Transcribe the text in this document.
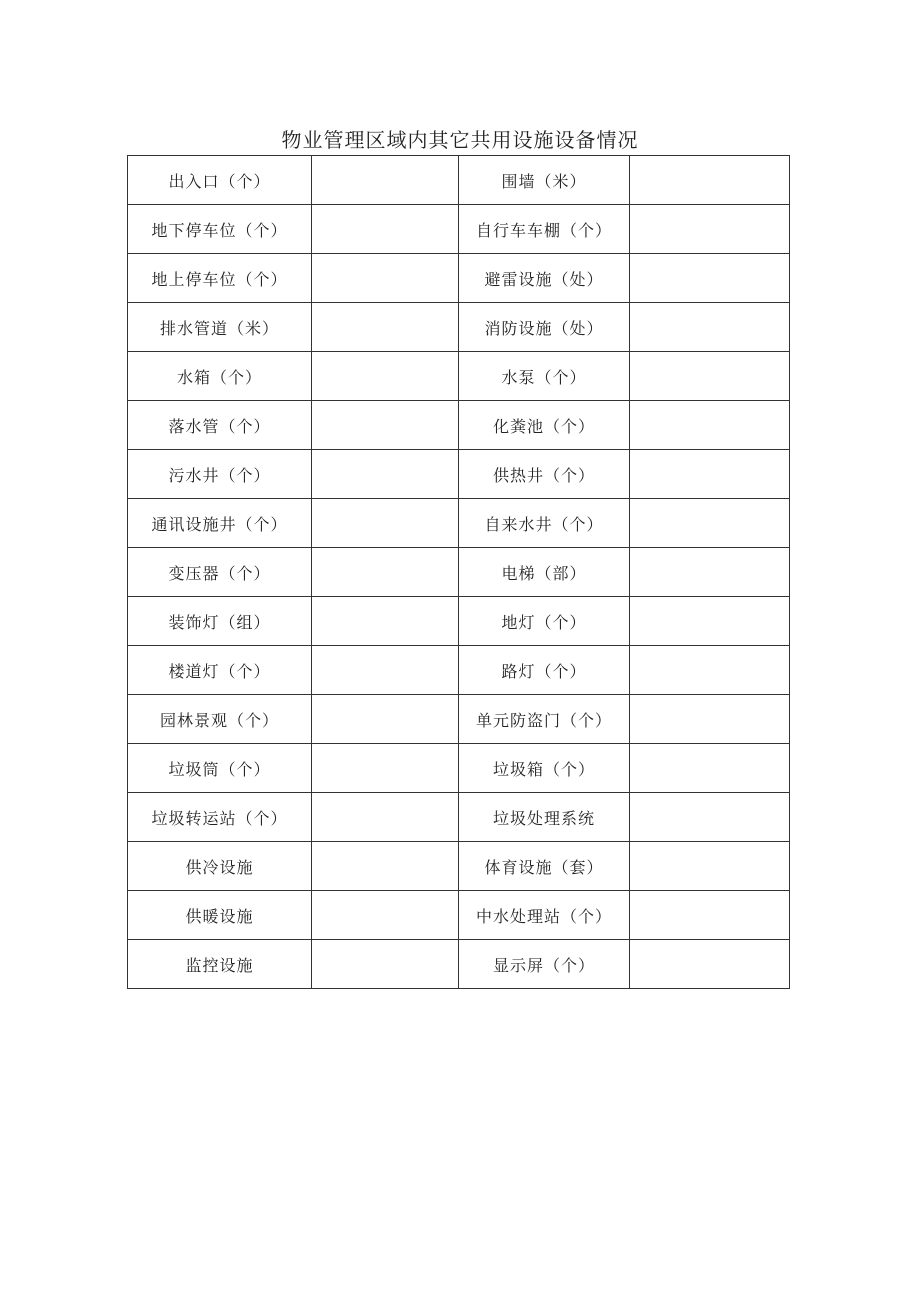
物业管理区域内其它共用设施设备情况
出入口（个）		围墙（米）	
地下停车位（个）		自行车车棚（个）	
地上停车位（个）		避雷设施（处）	
排水管道（米）		消防设施（处）	
水箱（个）		水泵（个）	
落水管（个）		化粪池（个）	
污水井（个）		供热井（个）	
通讯设施井（个）		自来水井（个）	
变压器（个）		电梯（部）	
装饰灯（组）		地灯（个）	
楼道灯（个）		路灯（个）	
园林景观（个）		单元防盗门（个）	
垃圾筒（个）		垃圾箱（个）	
垃圾转运站（个）		垃圾处理系统	
供冷设施		体育设施（套）	
供暖设施		中水处理站（个）	
监控设施		显示屏（个）	
